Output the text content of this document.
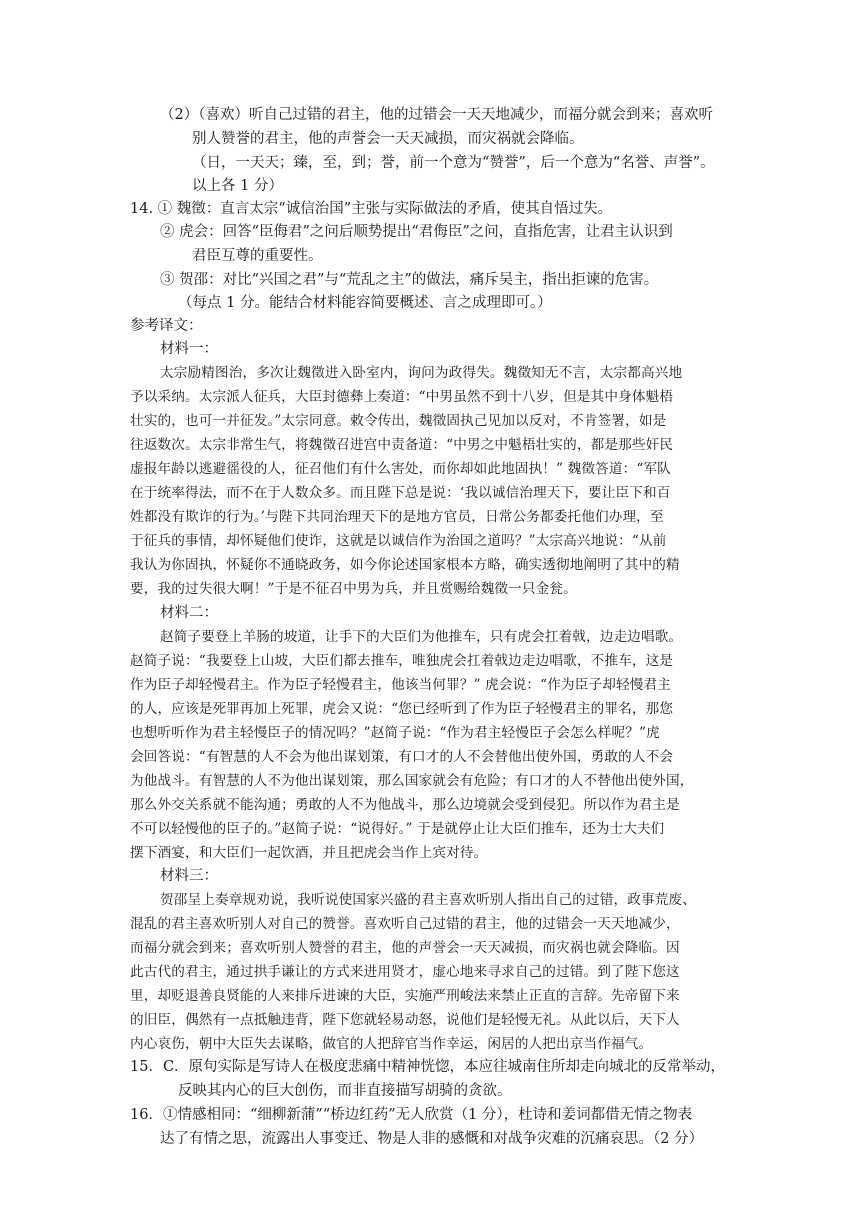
（2）（喜欢）听自己过错的君主，他的过错会一天天地减少，而福分就会到来；喜欢听
别人赞誉的君主，他的声誉会一天天减损，而灾祸就会降临。
（日，一天天；臻，至，到；誉，前一个意为“赞誉”，后一个意为“名誉、声誉”。
以上各 1 分）
14. ① 魏徵：直言太宗“诚信治国”主张与实际做法的矛盾，使其自悟过失。
② 虎会：回答“臣侮君”之问后顺势提出“君侮臣”之问，直指危害，让君主认识到
君臣互尊的重要性。
③ 贺邵：对比“兴国之君”与“荒乱之主”的做法，痛斥吴主，指出拒谏的危害。
（每点 1 分。能结合材料能容简要概述、言之成理即可。）
参考译文：
材料一：
太宗励精图治，多次让魏徵进入卧室内，询问为政得失。魏徵知无不言，太宗都高兴地
予以采纳。太宗派人征兵，大臣封德彝上奏道：“中男虽然不到十八岁，但是其中身体魁梧
壮实的，也可一并征发。”太宗同意。敕令传出，魏徵固执己见加以反对，不肯签署，如是
往返数次。太宗非常生气，将魏徵召进宫中责备道：“中男之中魁梧壮实的，都是那些奸民
虚报年龄以逃避徭役的人，征召他们有什么害处，而你却如此地固执！” 魏徵答道：“军队
在于统率得法，而不在于人数众多。而且陛下总是说：‘我以诚信治理天下，要让臣下和百
姓都没有欺诈的行为。’与陛下共同治理天下的是地方官员，日常公务都委托他们办理，至
于征兵的事情，却怀疑他们使诈，这就是以诚信作为治国之道吗？”太宗高兴地说：“从前
我认为你固执，怀疑你不通晓政务，如今你论述国家根本方略，确实透彻地阐明了其中的精
要，我的过失很大啊！”于是不征召中男为兵，并且赏赐给魏徵一只金瓮。
材料二：
赵简子要登上羊肠的坡道，让手下的大臣们为他推车，只有虎会扛着戟，边走边唱歌。
赵简子说：“我要登上山坡，大臣们都去推车，唯独虎会扛着戟边走边唱歌，不推车，这是
作为臣子却轻慢君主。作为臣子轻慢君主，他该当何罪？” 虎会说：“作为臣子却轻慢君主
的人，应该是死罪再加上死罪，虎会又说：“您已经听到了作为臣子轻慢君主的罪名，那您
也想听听作为君主轻慢臣子的情况吗？”赵简子说：“作为君主轻慢臣子会怎么样呢？”虎
会回答说：“有智慧的人不会为他出谋划策，有口才的人不会替他出使外国，勇敢的人不会
为他战斗。有智慧的人不为他出谋划策，那么国家就会有危险；有口才的人不替他出使外国，
那么外交关系就不能沟通；勇敢的人不为他战斗，那么边境就会受到侵犯。所以作为君主是
不可以轻慢他的臣子的。”赵简子说：“说得好。” 于是就停止让大臣们推车，还为士大夫们
摆下酒宴，和大臣们一起饮酒，并且把虎会当作上宾对待。
材料三：
贺邵呈上奏章规劝说，我听说使国家兴盛的君主喜欢听别人指出自己的过错，政事荒废、
混乱的君主喜欢听别人对自己的赞誉。喜欢听自己过错的君主，他的过错会一天天地减少，
而福分就会到来；喜欢听别人赞誉的君主，他的声誉会一天天减损，而灾祸也就会降临。因
此古代的君主，通过拱手谦让的方式来进用贤才，虚心地来寻求自己的过错。到了陛下您这
里，却贬退善良贤能的人来排斥进谏的大臣，实施严刑峻法来禁止正直的言辞。先帝留下来
的旧臣，偶然有一点抵触违背，陛下您就轻易动怒，说他们是轻慢无礼。从此以后，天下人
内心哀伤，朝中大臣失去谋略，做官的人把辞官当作幸运，闲居的人把出京当作福气。
15．C．原句实际是写诗人在极度悲痛中精神恍惚，本应往城南住所却走向城北的反常举动，
反映其内心的巨大创伤，而非直接描写胡骑的贪欲。
16．①情感相同：“细柳新蒲”“桥边红药”无人欣赏（1 分），杜诗和姜词都借无情之物表
达了有情之思，流露出人事变迁、物是人非的感慨和对战争灾难的沉痛哀思。（2 分）
